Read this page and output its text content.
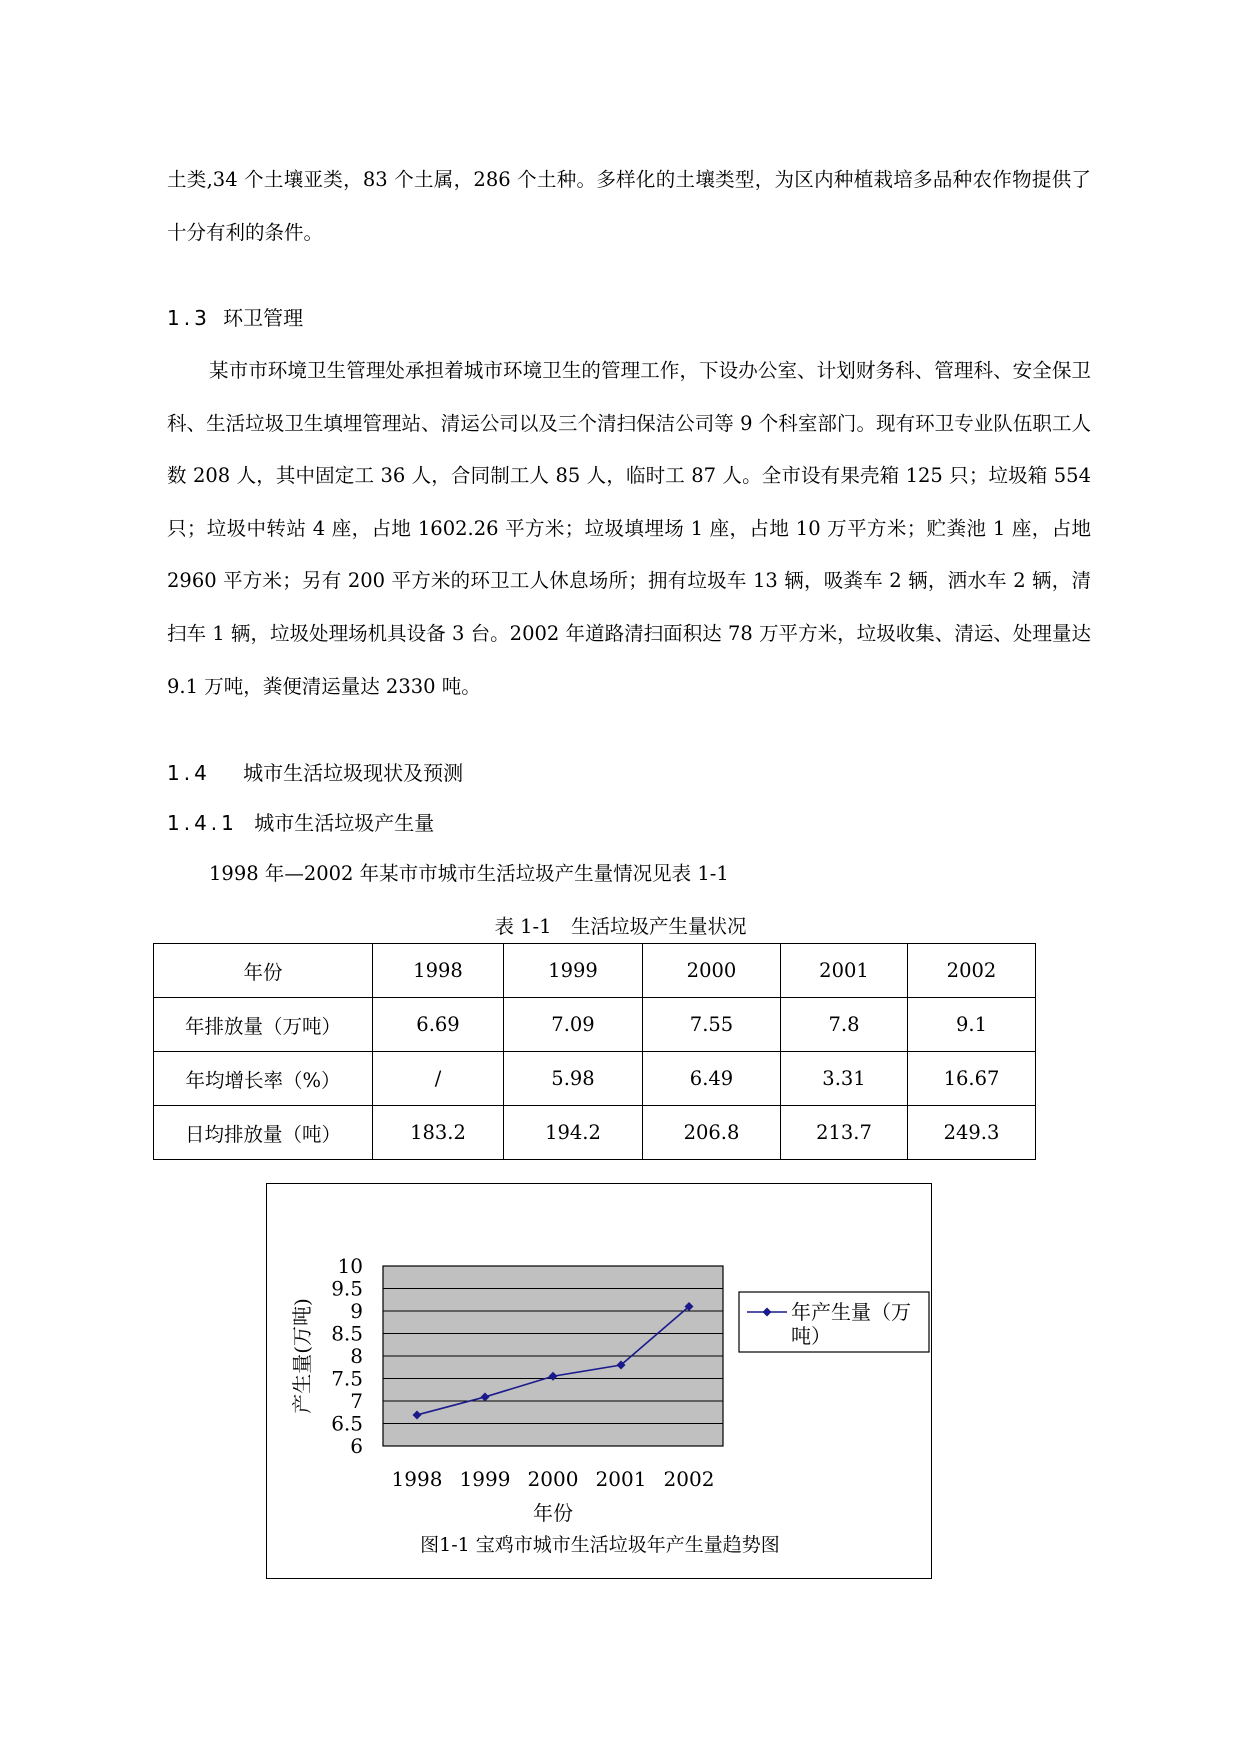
土类,34 个土壤亚类，83 个土属，286 个土种。多样化的土壤类型，为区内种植栽培多品种农作物提供了十分有利的条件。

1.3 环卫管理

某市市环境卫生管理处承担着城市环境卫生的管理工作，下设办公室、计划财务科、管理科、安全保卫科、生活垃圾卫生填埋管理站、清运公司以及三个清扫保洁公司等 9 个科室部门。现有环卫专业队伍职工人数 208 人，其中固定工 36 人，合同制工人 85 人，临时工 87 人。全市设有果壳箱 125 只；垃圾箱 554 只；垃圾中转站 4 座，占地 1602.26 平方米；垃圾填埋场 1 座，占地 10 万平方米；贮粪池 1 座，占地 2960 平方米；另有 200 平方米的环卫工人休息场所；拥有垃圾车 13 辆，吸粪车 2 辆，洒水车 2 辆，清扫车 1 辆，垃圾处理场机具设备 3 台。2002 年道路清扫面积达 78 万平方米，垃圾收集、清运、处理量达 9.1 万吨，粪便清运量达 2330 吨。

1.4 城市生活垃圾现状及预测
1.4.1 城市生活垃圾产生量
1998 年—2002 年某市市城市生活垃圾产生量情况见表 1-1
表 1-1　生活垃圾产生量状况
年份	1998	1999	2000	2001	2002
年排放量（万吨）	6.69	7.09	7.55	7.8	9.1
年均增长率（%）	/	5.98	6.49	3.31	16.67
日均排放量（吨）	183.2	194.2	206.8	213.7	249.3
10
9.5
9
8.5
8
7.5
7
6.5
6
1998 1999 2000 2001 2002
年份
产生量(万吨)
图1-1 宝鸡市城市生活垃圾年产生量趋势图
年产生量（万吨）
